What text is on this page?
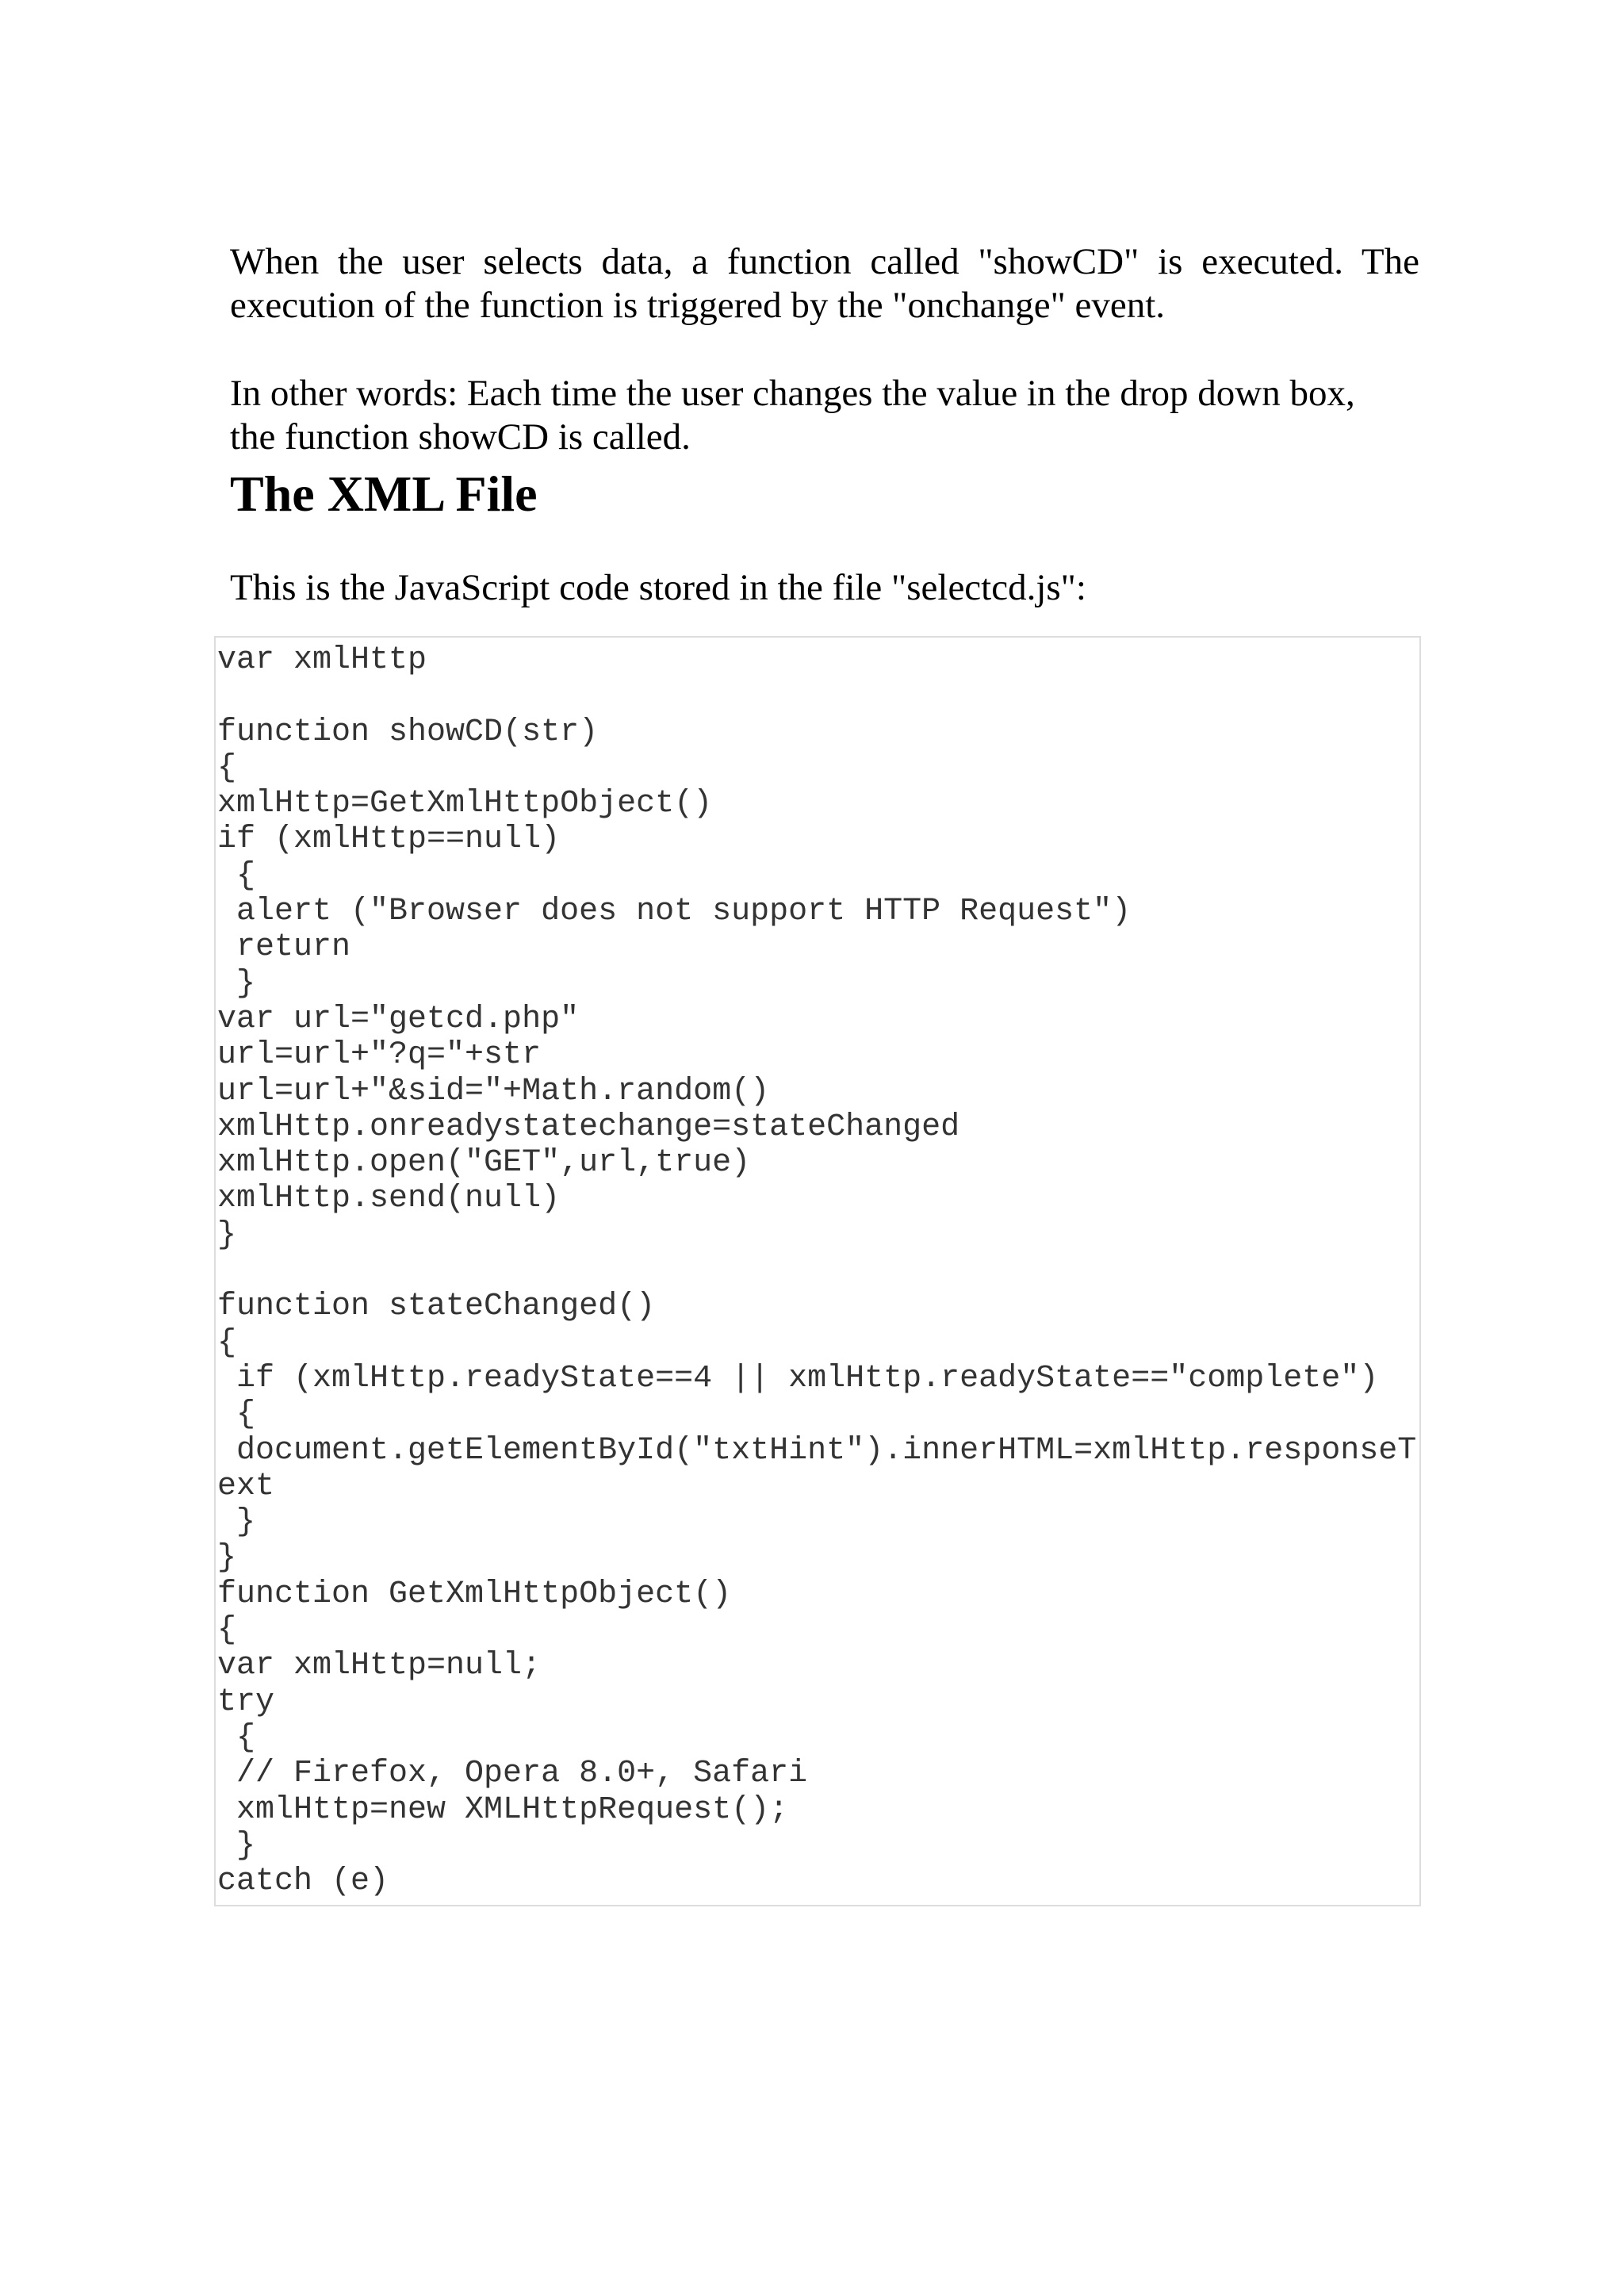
When the user selects data, a function called "showCD" is executed. The execution of the function is triggered by the "onchange" event.

In other words: Each time the user changes the value in the drop down box,
the function showCD is called.
The XML File

This is the JavaScript code stored in the file "selectcd.js":

var xmlHttp

function showCD(str)
{
xmlHttp=GetXmlHttpObject()
if (xmlHttp==null)
{
alert ("Browser does not support HTTP Request")
return
}
var url="getcd.php"
url=url+"?q="+str
url=url+"&sid="+Math.random()
xmlHttp.onreadystatechange=stateChanged
xmlHttp.open("GET",url,true)
xmlHttp.send(null)
}

function stateChanged()
{
if (xmlHttp.readyState==4 || xmlHttp.readyState=="complete")
{
document.getElementById("txtHint").innerHTML=xmlHttp.responseT
ext
}
}
function GetXmlHttpObject()
{
var xmlHttp=null;
try
{
// Firefox, Opera 8.0+, Safari
xmlHttp=new XMLHttpRequest();
}
catch (e)
